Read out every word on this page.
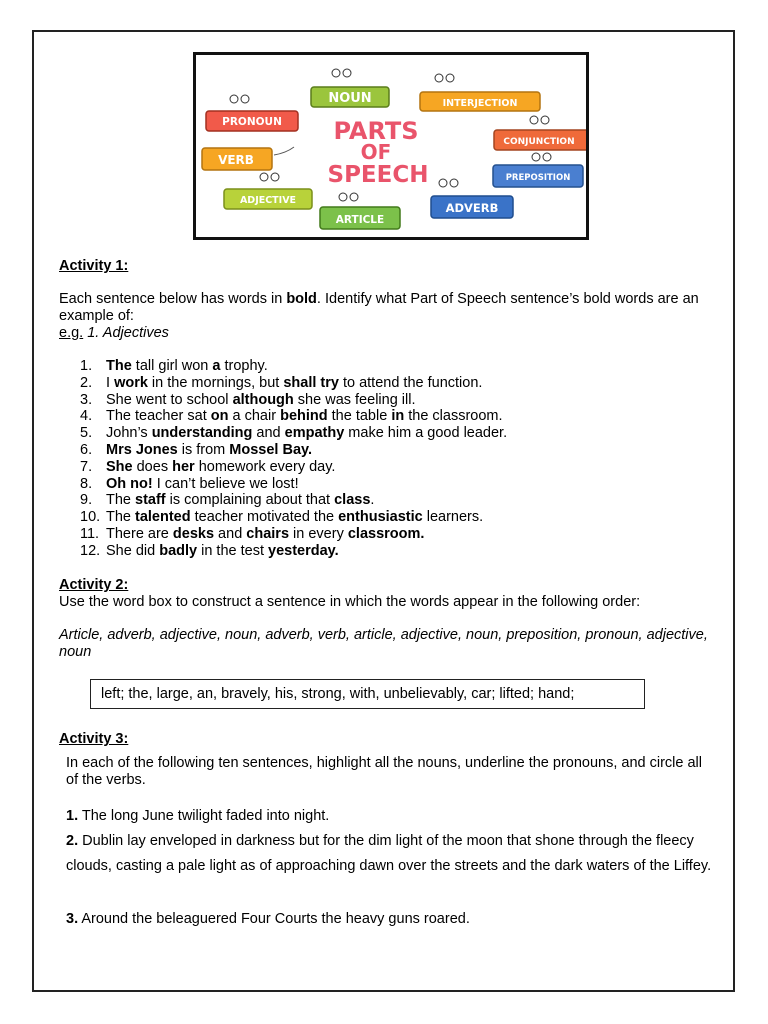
NOUN	INTERJECTION
PRONOUN
CONJUNCTION
VERB
PREPOSITION
ADJECTIVE
ADVERB
ARTICLE
PARTS
OF
SPEECH
Activity 1:
Each sentence below has words in bold. Identify what Part of Speech sentence’s bold words are an example of:
e.g. 1. Adjectives
1. The tall girl won a trophy.
2. I work in the mornings, but shall try to attend the function.
3. She went to school although she was feeling ill.
4. The teacher sat on a chair behind the table in the classroom.
5. John’s understanding and empathy make him a good leader.
6. Mrs Jones is from Mossel Bay.
7. She does her homework every day.
8. Oh no! I can’t believe we lost!
9. The staff is complaining about that class.
10. The talented teacher motivated the enthusiastic learners.
11. There are desks and chairs in every classroom.
12. She did badly in the test yesterday.
Activity 2:
Use the word box to construct a sentence in which the words appear in the following order:
Article, adverb, adjective, noun, adverb, verb, article, adjective, noun, preposition, pronoun, adjective, noun
left; the, large, an, bravely, his, strong, with, unbelievably, car; lifted; hand;
Activity 3:
In each of the following ten sentences, highlight all the nouns, underline the pronouns, and circle all of the verbs.
1. The long June twilight faded into night.
2. Dublin lay enveloped in darkness but for the dim light of the moon that shone through the fleecy clouds, casting a pale light as of approaching dawn over the streets and the dark waters of the Liffey.
3. Around the beleaguered Four Courts the heavy guns roared.
